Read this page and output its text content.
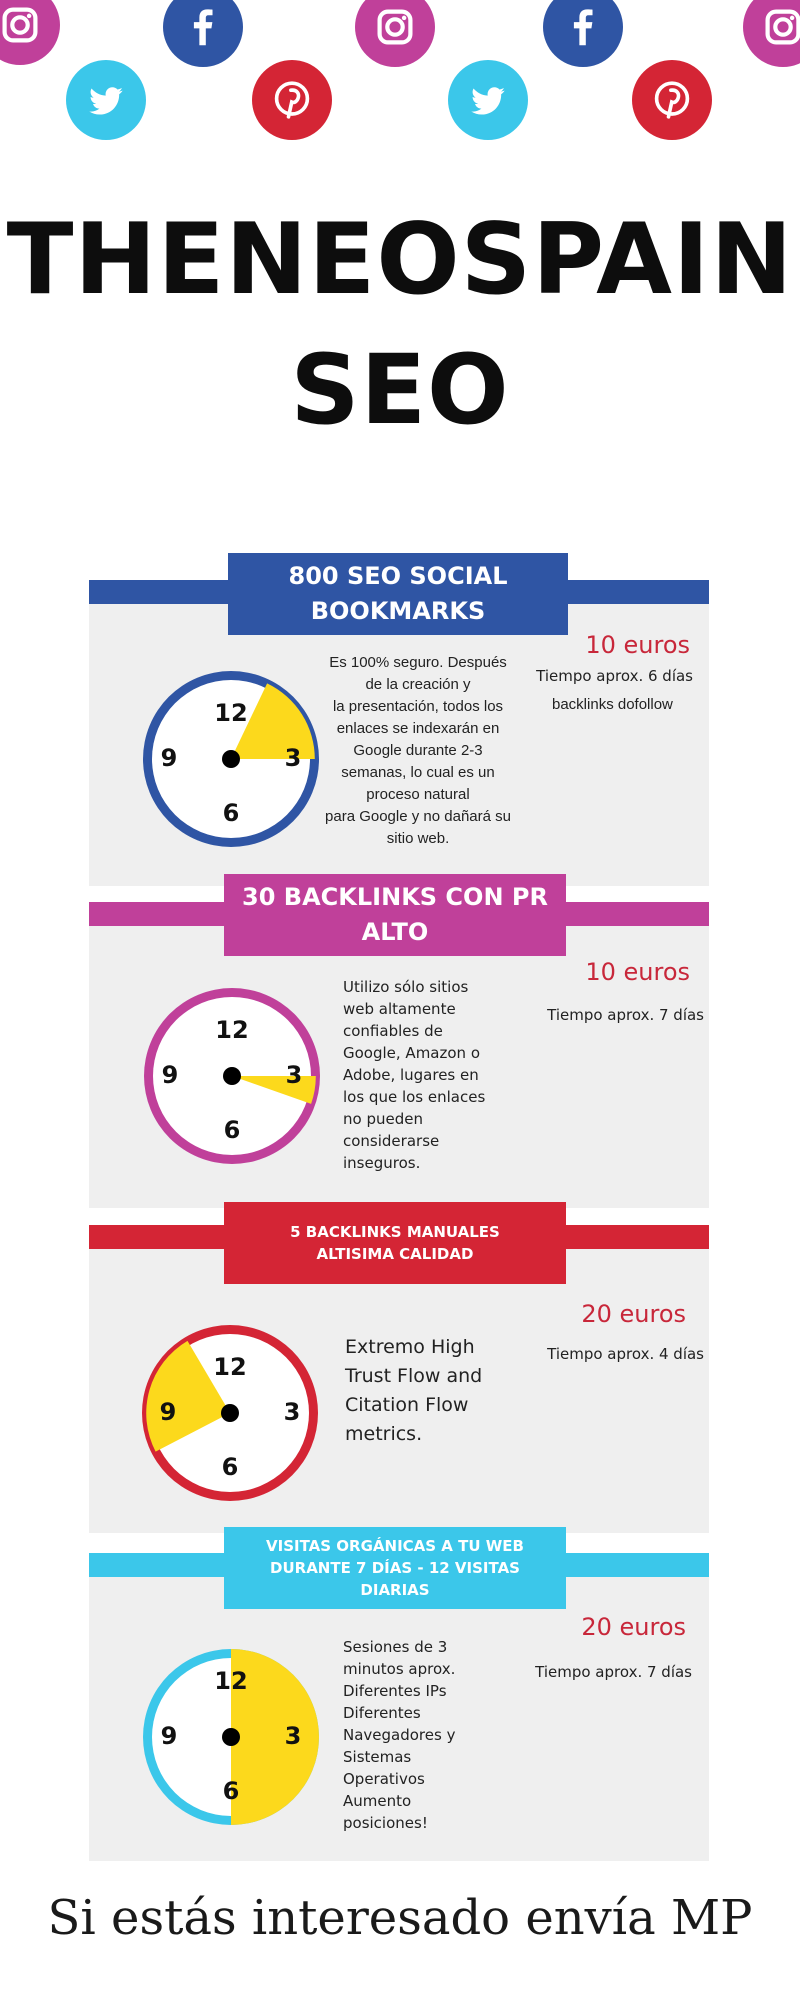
THENEOSPAIN
SEO
800 SEO SOCIAL BOOKMARKS
10 euros
Tiempo aprox. 6 días
backlinks dofollow
Es 100% seguro. Después
de la creación y
la presentación, todos los
enlaces se indexarán en
Google durante 2-3
semanas, lo cual es un
proceso natural
para Google y no dañará su
sitio web.
12
3
6
9
30 BACKLINKS CON PR ALTO
10 euros
Tiempo aprox. 7 días
Utilizo sólo sitios
web altamente
confiables de
Google, Amazon o
Adobe, lugares en
los que los enlaces
no pueden
considerarse
inseguros.
12
3
6
9
5 BACKLINKS MANUALES ALTISIMA CALIDAD
20 euros
Tiempo aprox. 4 días
Extremo High
Trust Flow and
Citation Flow
metrics.
12
3
6
9
VISITAS ORGÁNICAS A TU WEB DURANTE 7 DÍAS - 12 VISITAS DIARIAS
20 euros
Tiempo aprox. 7 días
Sesiones de 3
minutos aprox.
Diferentes IPs
Diferentes
Navegadores y
Sistemas
Operativos
Aumento
posiciones!
12
3
6
9
Si estás interesado envía MP
